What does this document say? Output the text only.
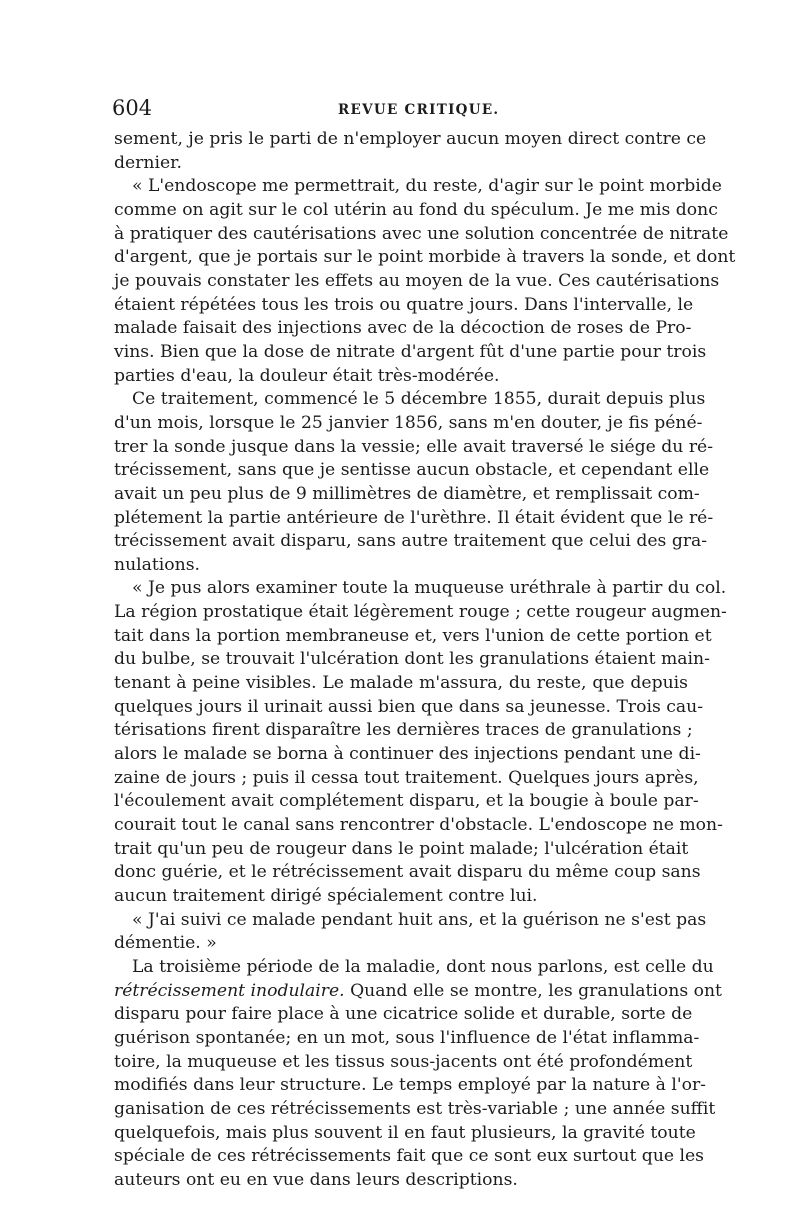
604	REVUE CRITIQUE.

sement, je pris le parti de n'employer aucun moyen direct contre ce
dernier.

« L'endoscope me permettrait, du reste, d'agir sur le point morbide
comme on agit sur le col utérin au fond du spéculum. Je me mis donc
à pratiquer des cautérisations avec une solution concentrée de nitrate
d'argent, que je portais sur le point morbide à travers la sonde, et dont
je pouvais constater les effets au moyen de la vue. Ces cautérisations
étaient répétées tous les trois ou quatre jours. Dans l'intervalle, le
malade faisait des injections avec de la décoction de roses de Pro-
vins. Bien que la dose de nitrate d'argent fût d'une partie pour trois
parties d'eau, la douleur était très-modérée.

Ce traitement, commencé le 5 décembre 1855, durait depuis plus
d'un mois, lorsque le 25 janvier 1856, sans m'en douter, je fis péné-
trer la sonde jusque dans la vessie; elle avait traversé le siége du ré-
trécissement, sans que je sentisse aucun obstacle, et cependant elle
avait un peu plus de 9 millimètres de diamètre, et remplissait com-
plétement la partie antérieure de l'urèthre. Il était évident que le ré-
trécissement avait disparu, sans autre traitement que celui des gra-
nulations.

« Je pus alors examiner toute la muqueuse uréthrale à partir du col.
La région prostatique était légèrement rouge ; cette rougeur augmen-
tait dans la portion membraneuse et, vers l'union de cette portion et
du bulbe, se trouvait l'ulcération dont les granulations étaient main-
tenant à peine visibles. Le malade m'assura, du reste, que depuis
quelques jours il urinait aussi bien que dans sa jeunesse. Trois cau-
térisations firent disparaître les dernières traces de granulations ;
alors le malade se borna à continuer des injections pendant une di-
zaine de jours ; puis il cessa tout traitement. Quelques jours après,
l'écoulement avait complétement disparu, et la bougie à boule par-
courait tout le canal sans rencontrer d'obstacle. L'endoscope ne mon-
trait qu'un peu de rougeur dans le point malade; l'ulcération était
donc guérie, et le rétrécissement avait disparu du même coup sans
aucun traitement dirigé spécialement contre lui.

« J'ai suivi ce malade pendant huit ans, et la guérison ne s'est pas
démentie. »

La troisième période de la maladie, dont nous parlons, est celle du
rétrécissement inodulaire. Quand elle se montre, les granulations ont
disparu pour faire place à une cicatrice solide et durable, sorte de
guérison spontanée; en un mot, sous l'influence de l'état inflamma-
toire, la muqueuse et les tissus sous-jacents ont été profondément
modifiés dans leur structure. Le temps employé par la nature à l'or-
ganisation de ces rétrécissements est très-variable ; une année suffit
quelquefois, mais plus souvent il en faut plusieurs, la gravité toute
spéciale de ces rétrécissements fait que ce sont eux surtout que les
auteurs ont eu en vue dans leurs descriptions.
